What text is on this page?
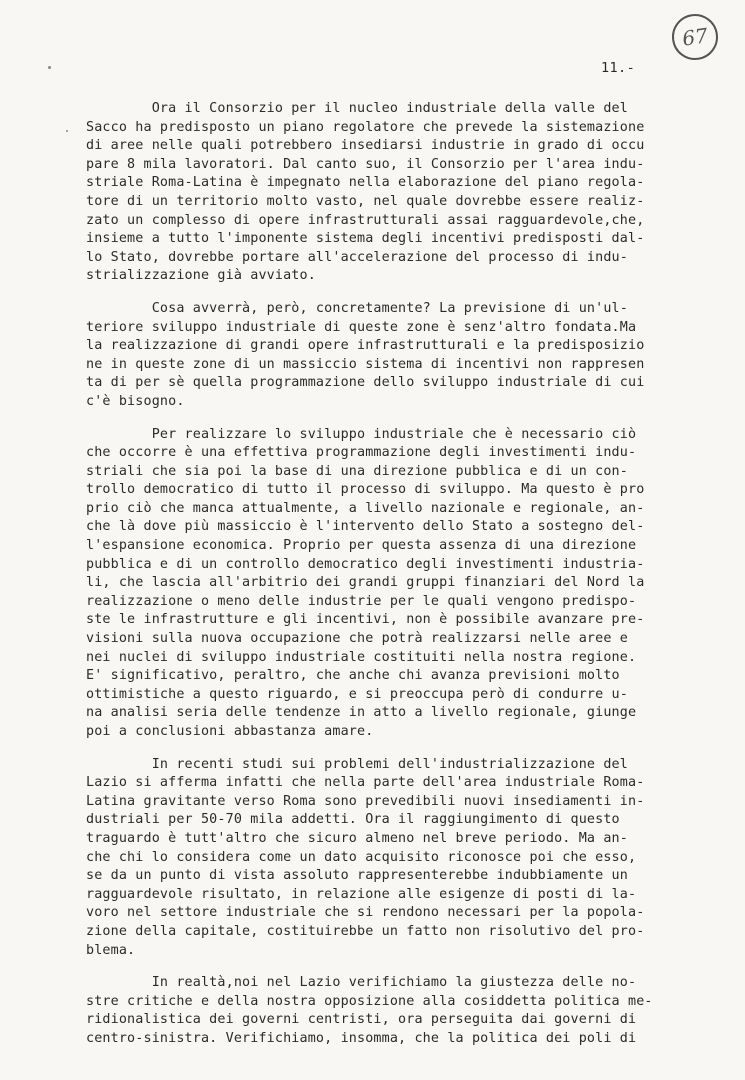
67
11.-
Ora il Consorzio per il nucleo industriale della valle del
Sacco ha predisposto un piano regolatore che prevede la sistemazione
di aree nelle quali potrebbero insediarsi industrie in grado di occu
pare 8 mila lavoratori. Dal canto suo, il Consorzio per l'area indu-
striale Roma-Latina è impegnato nella elaborazione del piano regola-
tore di un territorio molto vasto, nel quale dovrebbe essere realiz-
zato un complesso di opere infrastrutturali assai ragguardevole,che,
insieme a tutto l'imponente sistema degli incentivi predisposti dal-
lo Stato, dovrebbe portare all'accelerazione del processo di indu-
strializzazione già avviato.
Cosa avverrà, però, concretamente? La previsione di un'ul-
teriore sviluppo industriale di queste zone è senz'altro fondata.Ma
la realizzazione di grandi opere infrastrutturali e la predisposizio
ne in queste zone di un massiccio sistema di incentivi non rappresen
ta di per sè quella programmazione dello sviluppo industriale di cui
c'è bisogno.
Per realizzare lo sviluppo industriale che è necessario ciò
che occorre è una effettiva programmazione degli investimenti indu-
striali che sia poi la base di una direzione pubblica e di un con-
trollo democratico di tutto il processo di sviluppo. Ma questo è pro
prio ciò che manca attualmente, a livello nazionale e regionale, an-
che là dove più massiccio è l'intervento dello Stato a sostegno del-
l'espansione economica. Proprio per questa assenza di una direzione
pubblica e di un controllo democratico degli investimenti industria-
li, che lascia all'arbitrio dei grandi gruppi finanziari del Nord la
realizzazione o meno delle industrie per le quali vengono predispo-
ste le infrastrutture e gli incentivi, non è possibile avanzare pre-
visioni sulla nuova occupazione che potrà realizzarsi nelle aree e
nei nuclei di sviluppo industriale costituiti nella nostra regione.
E' significativo, peraltro, che anche chi avanza previsioni molto
ottimistiche a questo riguardo, e si preoccupa però di condurre u-
na analisi seria delle tendenze in atto a livello regionale, giunge
poi a conclusioni abbastanza amare.
In recenti studi sui problemi dell'industrializzazione del
Lazio si afferma infatti che nella parte dell'area industriale Roma-
Latina gravitante verso Roma sono prevedibili nuovi insediamenti in-
dustriali per 50-70 mila addetti. Ora il raggiungimento di questo
traguardo è tutt'altro che sicuro almeno nel breve periodo. Ma an-
che chi lo considera come un dato acquisito riconosce poi che esso,
se da un punto di vista assoluto rappresenterebbe indubbiamente un
ragguardevole risultato, in relazione alle esigenze di posti di la-
voro nel settore industriale che si rendono necessari per la popola-
zione della capitale, costituirebbe un fatto non risolutivo del pro-
blema.
In realtà,noi nel Lazio verifichiamo la giustezza delle no-
stre critiche e della nostra opposizione alla cosiddetta politica me-
ridionalistica dei governi centristi, ora perseguita dai governi di
centro-sinistra. Verifichiamo, insomma, che la politica dei poli di
